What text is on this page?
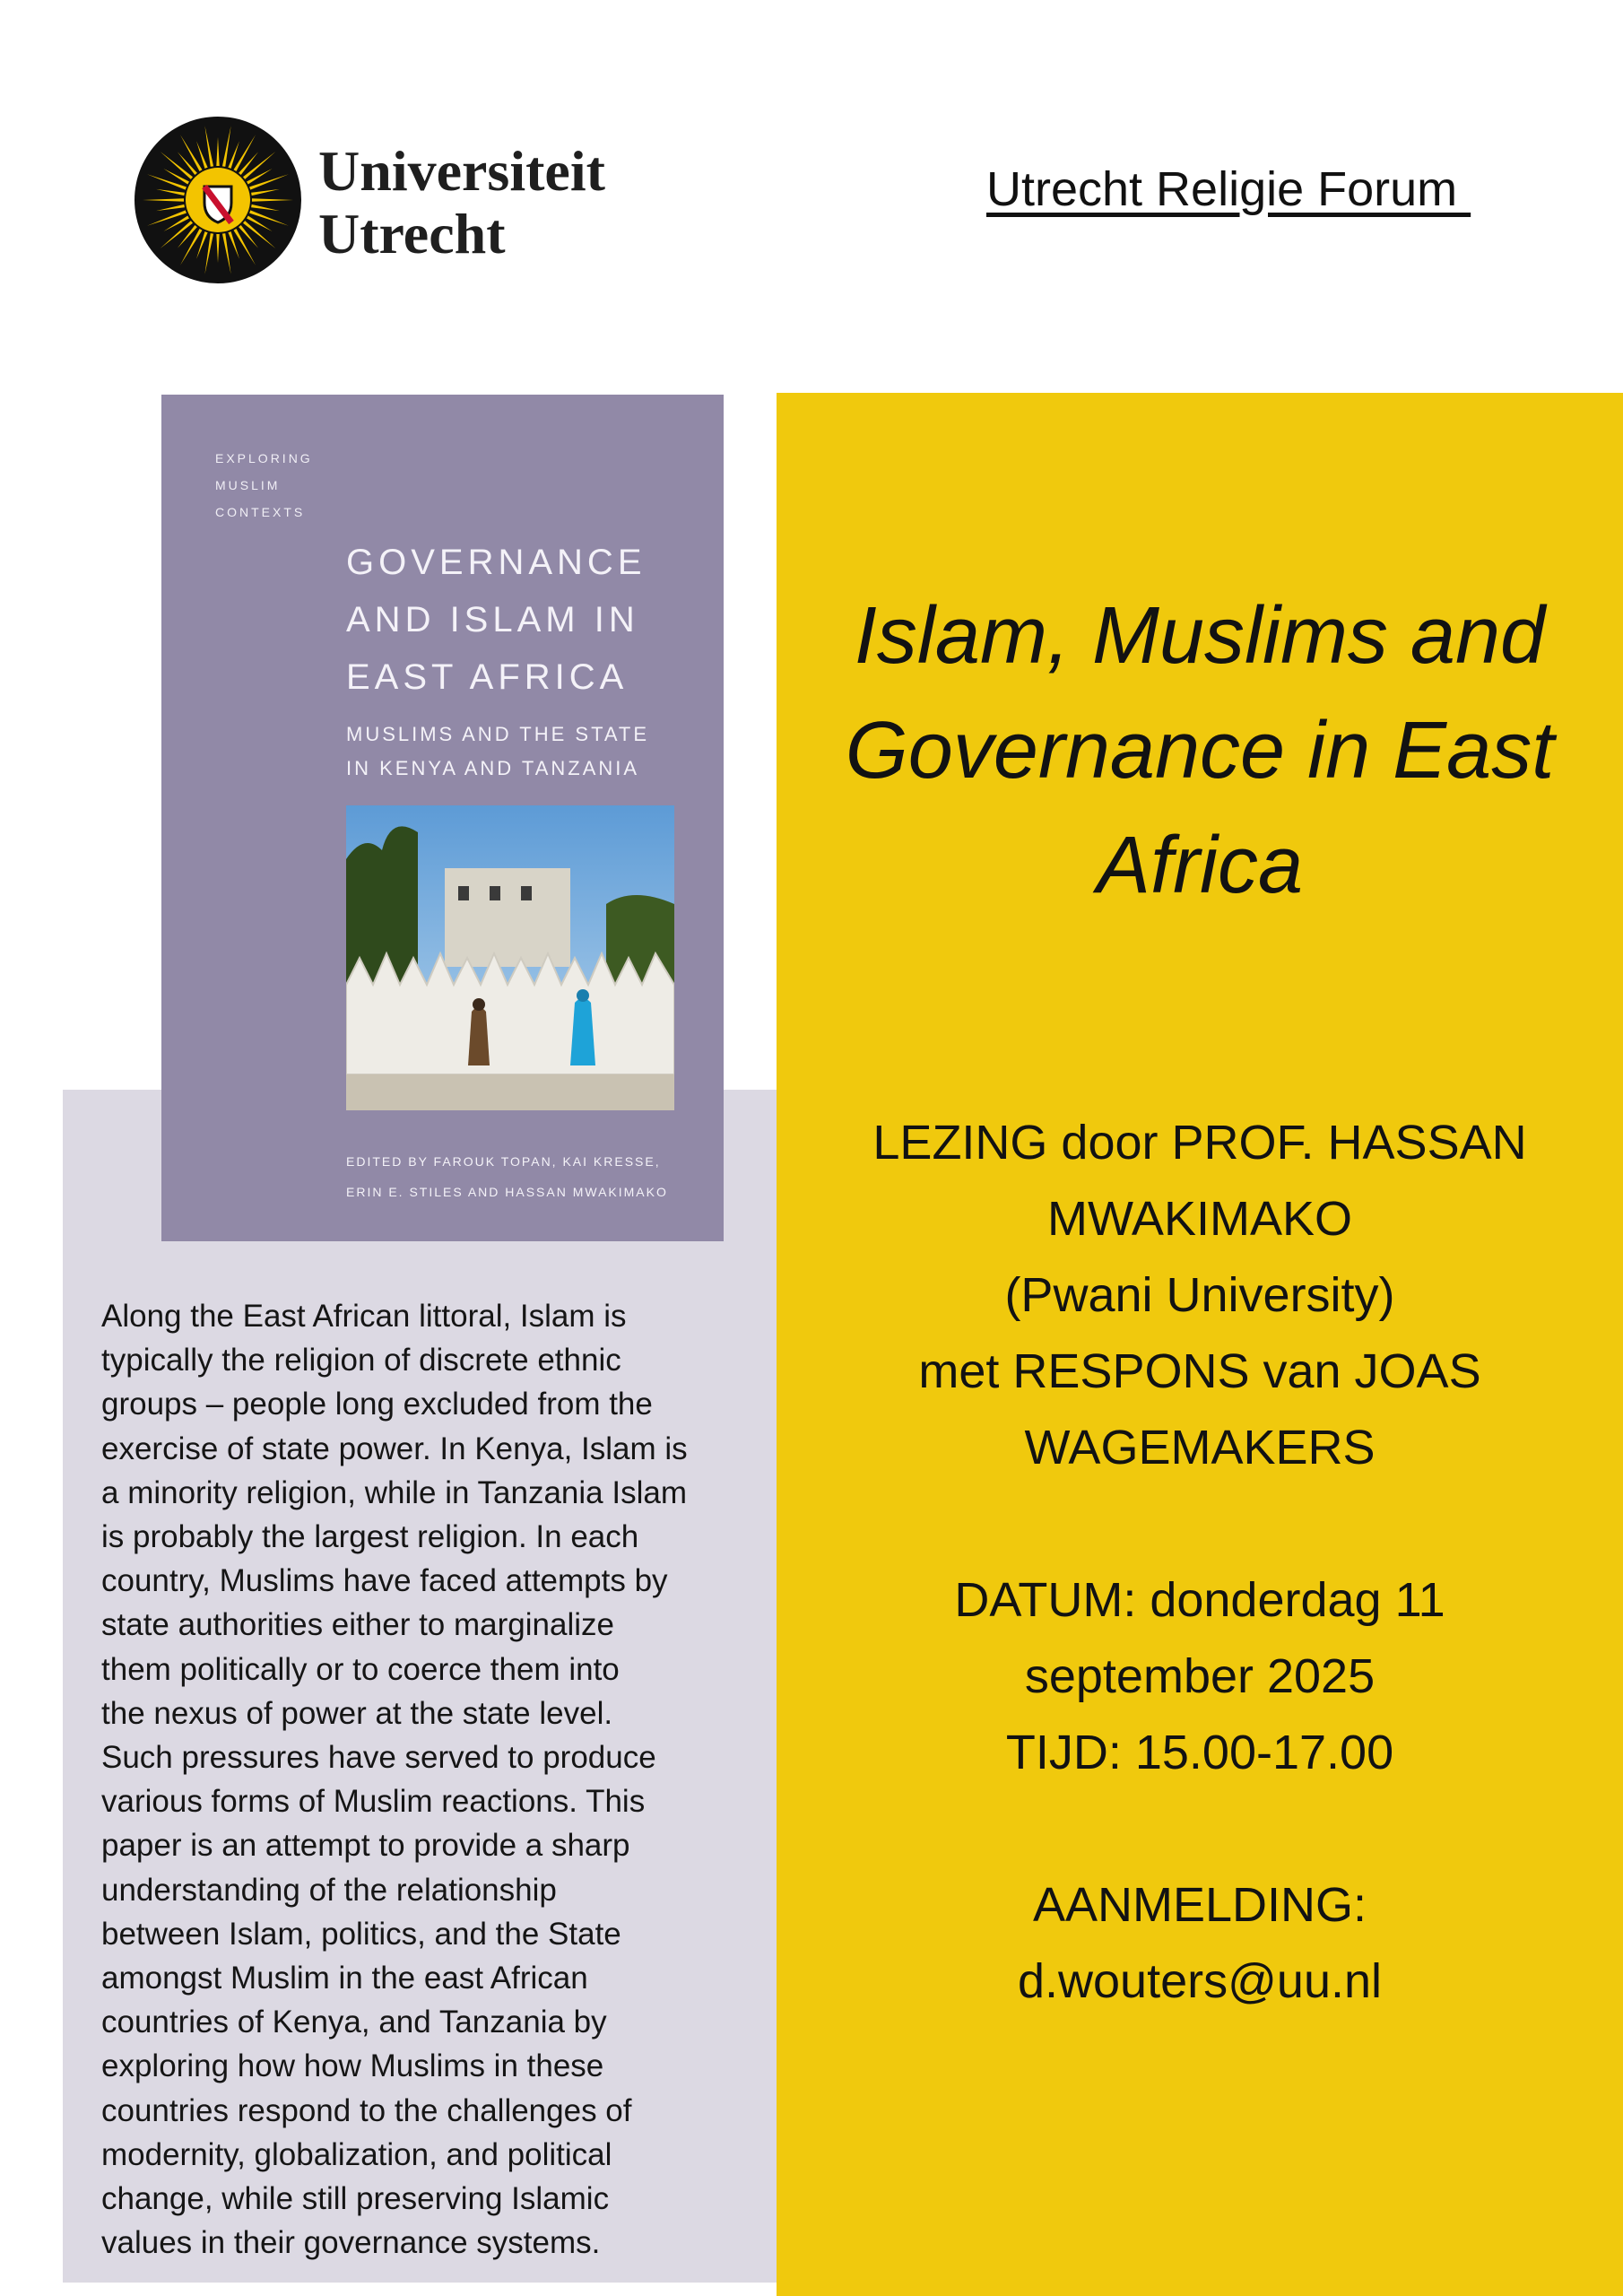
Universiteit
Utrecht
Utrecht Religie Forum
EXPLORING
MUSLIM
CONTEXTS
GOVERNANCE
AND ISLAM IN
EAST AFRICA
MUSLIMS AND THE STATE
IN KENYA AND TANZANIA
EDITED BY FAROUK TOPAN, KAI KRESSE,
ERIN E. STILES AND HASSAN MWAKIMAKO
Along the East African littoral, Islam is
typically the religion of discrete ethnic
groups – people long excluded from the
exercise of state power. In Kenya, Islam is
a minority religion, while in Tanzania Islam
is probably the largest religion. In each
country, Muslims have faced attempts by
state authorities either to marginalize
them politically or to coerce them into
the nexus of power at the state level.
Such pressures have served to produce
various forms of Muslim reactions. This
paper is an attempt to provide a sharp
understanding of the relationship
between Islam, politics, and the State
amongst Muslim in the east African
countries of Kenya, and Tanzania by
exploring how how Muslims in these
countries respond to the challenges of
modernity, globalization, and political
change, while still preserving Islamic
values in their governance systems.
Islam, Muslims and
Governance in East
Africa
LEZING door PROF. HASSAN
MWAKIMAKO
(Pwani University)
met RESPONS van JOAS
WAGEMAKERS
DATUM: donderdag 11
september 2025
TIJD: 15.00-17.00
AANMELDING:
d.wouters@uu.nl
